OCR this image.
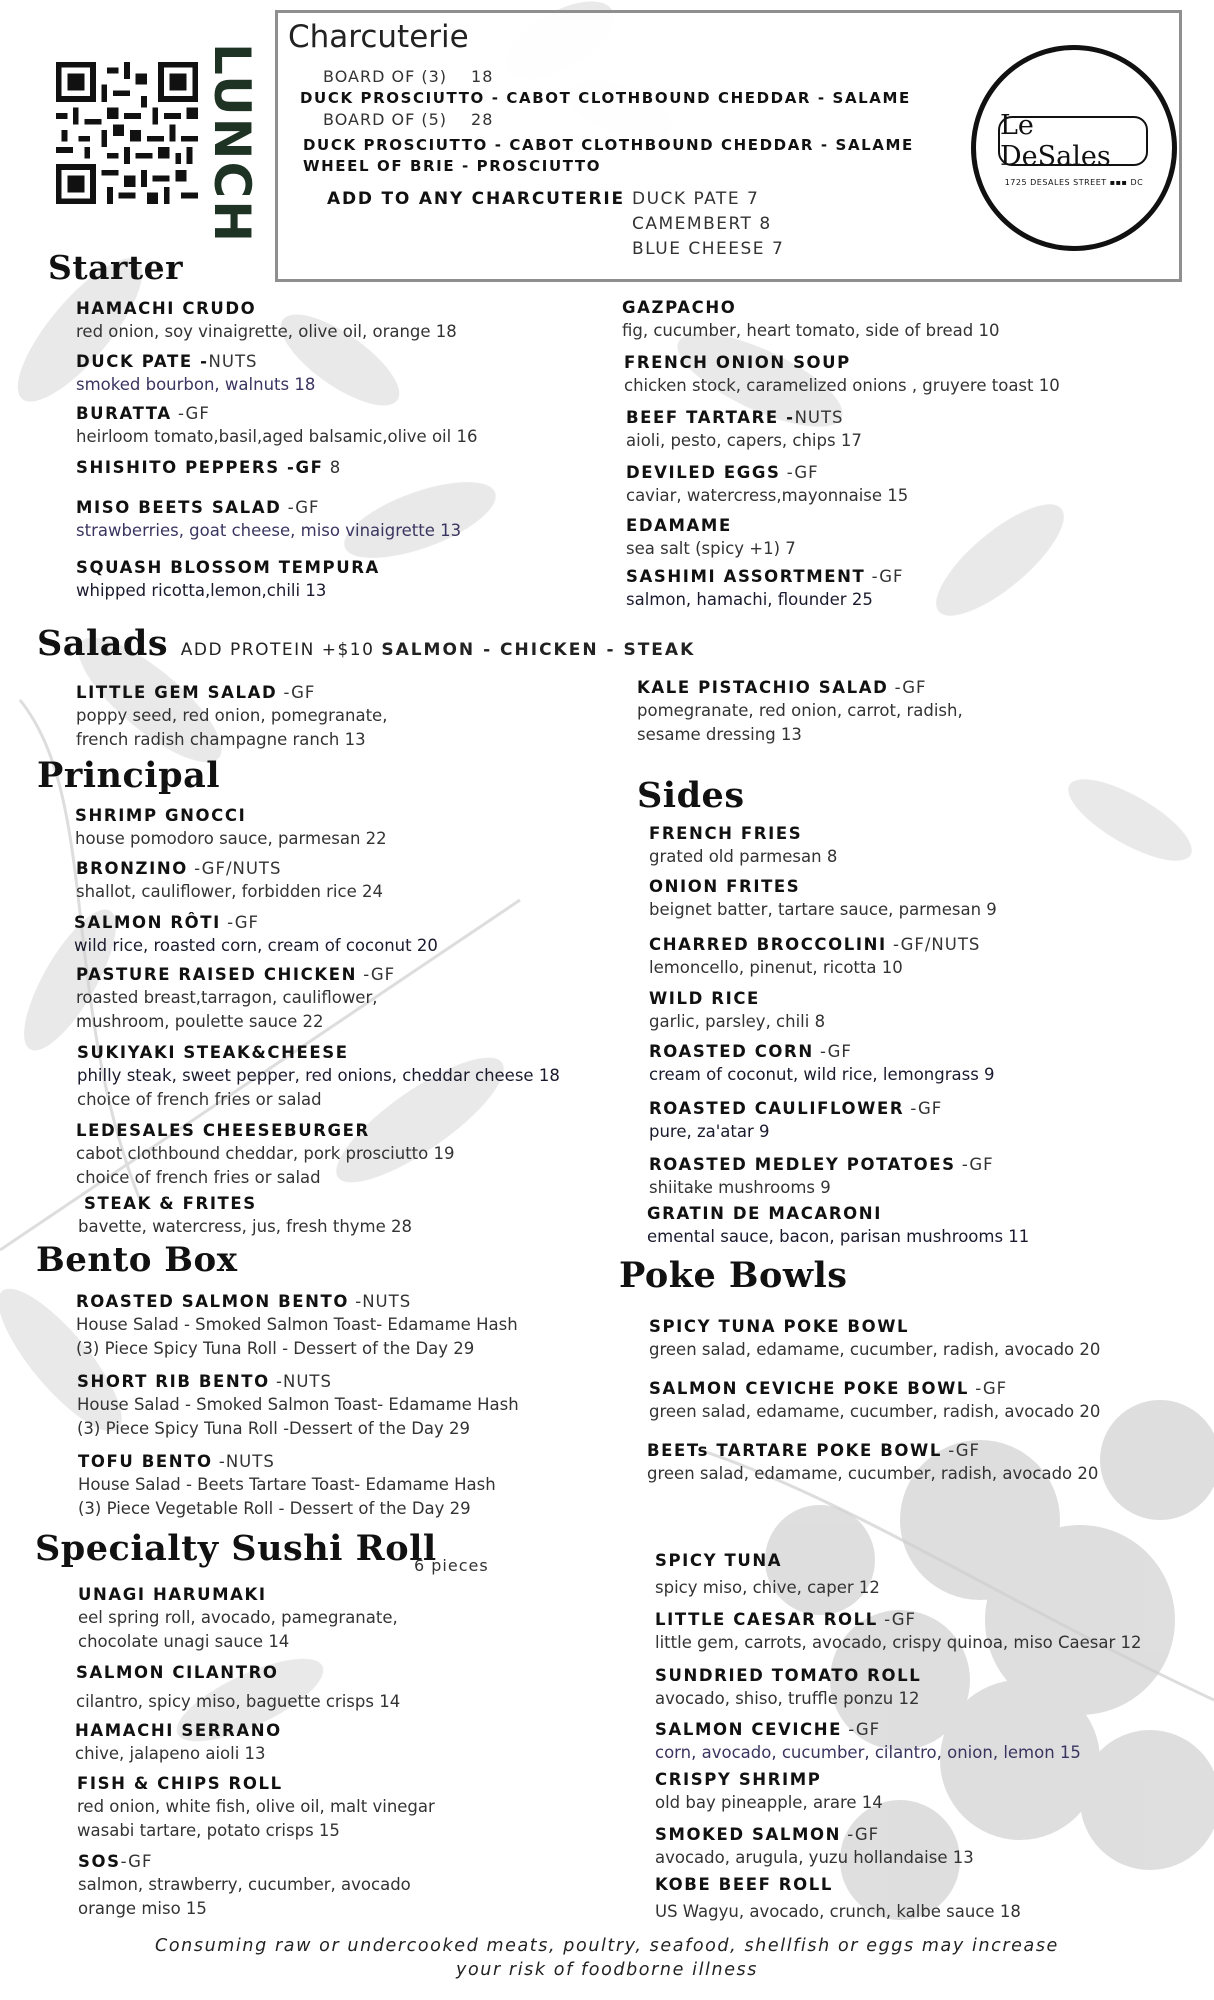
LUNCH
Charcuterie
BOARD OF (3) 18
DUCK PROSCIUTTO - CABOT CLOTHBOUND CHEDDAR - SALAME
BOARD OF (5) 28
DUCK PROSCIUTTO - CABOT CLOTHBOUND CHEDDAR - SALAME
WHEEL OF BRIE - PROSCIUTTO
ADD TO ANY CHARCUTERIE DUCK PATE 7
CAMEMBERT 8
BLUE CHEESE 7
Le DeSales
1725 DESALES STREET ▪▪▪ DC
Starter
Salads ADD PROTEIN +$10 SALMON - CHICKEN - STEAK
Principal	Sides
Bento Box	Poke Bowls
Specialty Sushi Roll
6 pieces
HAMACHI CRUDO
red onion, soy vinaigrette, olive oil, orange 18
DUCK PATE -NUTS
smoked bourbon, walnuts 18
BURATTA -GF
heirloom tomato,basil,aged balsamic,olive oil 16
SHISHITO PEPPERS -GF 8
MISO BEETS SALAD -GF
strawberries, goat cheese, miso vinaigrette 13
SQUASH BLOSSOM TEMPURA
whipped ricotta,lemon,chili 13
GAZPACHO
fig, cucumber, heart tomato, side of bread 10
FRENCH ONION SOUP
chicken stock, caramelized onions , gruyere toast 10
BEEF TARTARE -NUTS
aioli, pesto, capers, chips 17
DEVILED EGGS -GF
caviar, watercress,mayonnaise 15
EDAMAME
sea salt (spicy +1) 7
SASHIMI ASSORTMENT -GF
salmon, hamachi, flounder 25
LITTLE GEM SALAD -GF
poppy seed, red onion, pomegranate,
french radish champagne ranch 13
KALE PISTACHIO SALAD -GF
pomegranate, red onion, carrot, radish,
sesame dressing 13
SHRIMP GNOCCI
house pomodoro sauce, parmesan 22
BRONZINO -GF/NUTS
shallot, cauliflower, forbidden rice 24
SALMON RÔTI -GF
wild rice, roasted corn, cream of coconut 20
PASTURE RAISED CHICKEN -GF
roasted breast,tarragon, cauliflower,
mushroom, poulette sauce 22
SUKIYAKI STEAK&CHEESE
philly steak, sweet pepper, red onions, cheddar cheese 18
choice of french fries or salad
LEDESALES CHEESEBURGER
cabot clothbound cheddar, pork prosciutto 19
choice of french fries or salad
STEAK & FRITES
bavette, watercress, jus, fresh thyme 28
FRENCH FRIES
grated old parmesan 8
ONION FRITES
beignet batter, tartare sauce, parmesan 9
CHARRED BROCCOLINI -GF/NUTS
lemoncello, pinenut, ricotta 10
WILD RICE
garlic, parsley, chili 8
ROASTED CORN -GF
cream of coconut, wild rice, lemongrass 9
ROASTED CAULIFLOWER -GF
pure, za'atar 9
ROASTED MEDLEY POTATOES -GF
shiitake mushrooms 9
GRATIN DE MACARONI
emental sauce, bacon, parisan mushrooms 11
ROASTED SALMON BENTO -NUTS
House Salad - Smoked Salmon Toast- Edamame Hash
(3) Piece Spicy Tuna Roll - Dessert of the Day 29
SHORT RIB BENTO -NUTS
House Salad - Smoked Salmon Toast- Edamame Hash
(3) Piece Spicy Tuna Roll -Dessert of the Day 29
TOFU BENTO -NUTS
House Salad - Beets Tartare Toast- Edamame Hash
(3) Piece Vegetable Roll - Dessert of the Day 29
SPICY TUNA POKE BOWL
green salad, edamame, cucumber, radish, avocado 20
SALMON CEVICHE POKE BOWL -GF
green salad, edamame, cucumber, radish, avocado 20
BEETs TARTARE POKE BOWL -GF
green salad, edamame, cucumber, radish, avocado 20
UNAGI HARUMAKI
eel spring roll, avocado, pamegranate,
chocolate unagi sauce 14
SALMON CILANTRO
cilantro, spicy miso, baguette crisps 14
HAMACHI SERRANO
chive, jalapeno aioli 13
FISH & CHIPS ROLL
red onion, white fish, olive oil, malt vinegar
wasabi tartare, potato crisps 15
SOS-GF
salmon, strawberry, cucumber, avocado
orange miso 15
SPICY TUNA
spicy miso, chive, caper 12
LITTLE CAESAR ROLL -GF
little gem, carrots, avocado, crispy quinoa, miso Caesar 12
SUNDRIED TOMATO ROLL
avocado, shiso, truffle ponzu 12
SALMON CEVICHE -GF
corn, avocado, cucumber, cilantro, onion, lemon 15
CRISPY SHRIMP
old bay pineapple, arare 14
SMOKED SALMON -GF
avocado, arugula, yuzu hollandaise 13
KOBE BEEF ROLL
US Wagyu, avocado, crunch, kalbe sauce 18
Consuming raw or undercooked meats, poultry, seafood, shellfish or eggs may increase
your risk of foodborne illness
